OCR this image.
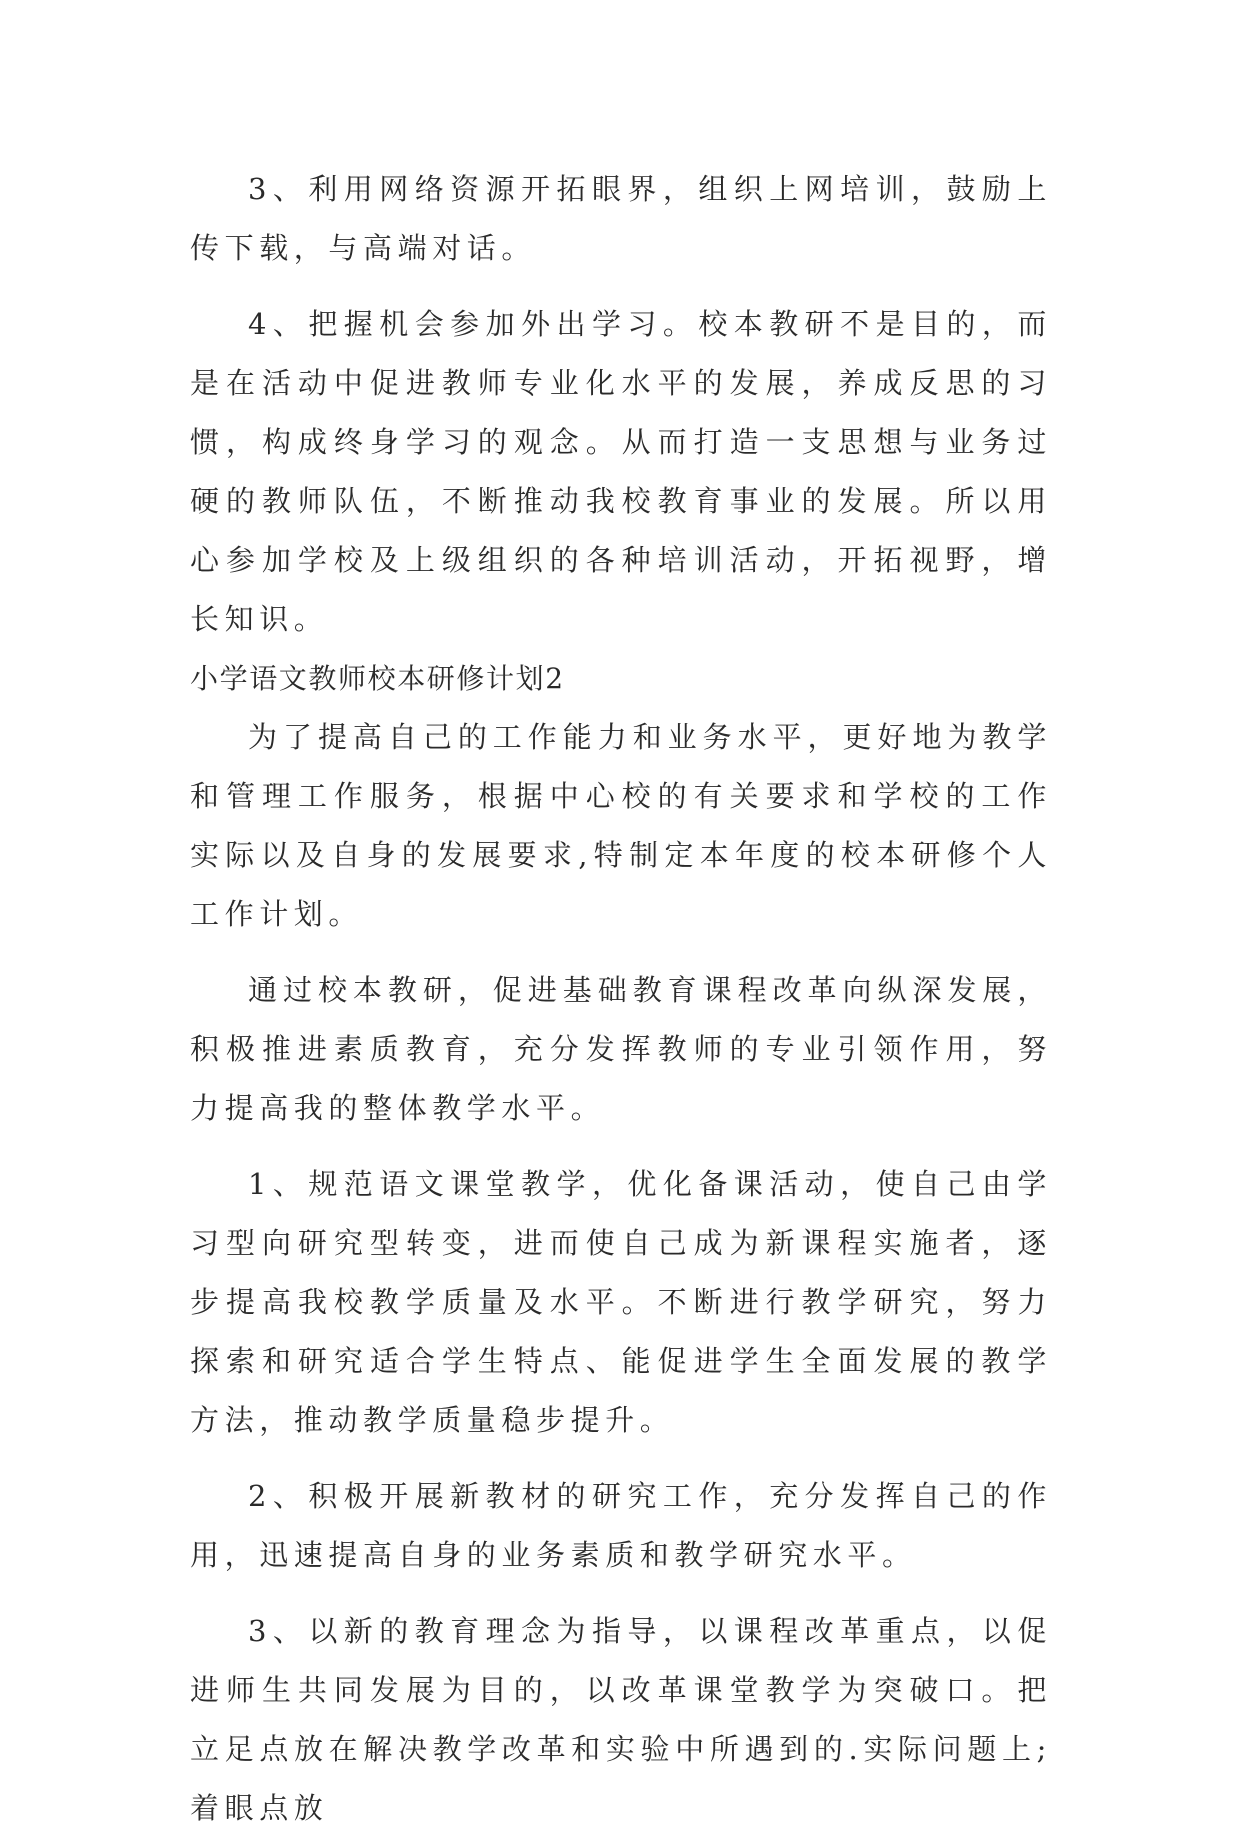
3、利用网络资源开拓眼界，组织上网培训，鼓励上传下载，与高端对话。

4、把握机会参加外出学习。校本教研不是目的，而是在活动中促进教师专业化水平的发展，养成反思的习惯，构成终身学习的观念。从而打造一支思想与业务过硬的教师队伍，不断推动我校教育事业的发展。所以用心参加学校及上级组织的各种培训活动，开拓视野，增长知识。

小学语文教师校本研修计划2

为了提高自己的工作能力和业务水平，更好地为教学和管理工作服务，根据中心校的有关要求和学校的工作实际以及自身的发展要求,特制定本年度的校本研修个人工作计划。

通过校本教研，促进基础教育课程改革向纵深发展，积极推进素质教育，充分发挥教师的专业引领作用，努力提高我的整体教学水平。

1、规范语文课堂教学，优化备课活动，使自己由学习型向研究型转变，进而使自己成为新课程实施者，逐步提高我校教学质量及水平。不断进行教学研究，努力探索和研究适合学生特点、能促进学生全面发展的教学方法，推动教学质量稳步提升。

2、积极开展新教材的研究工作，充分发挥自己的作用，迅速提高自身的业务素质和教学研究水平。

3、以新的教育理念为指导，以课程改革重点，以促进师生共同发展为目的，以改革课堂教学为突破口。把立足点放在解决教学改革和实验中所遇到的.实际问题上;着眼点放
